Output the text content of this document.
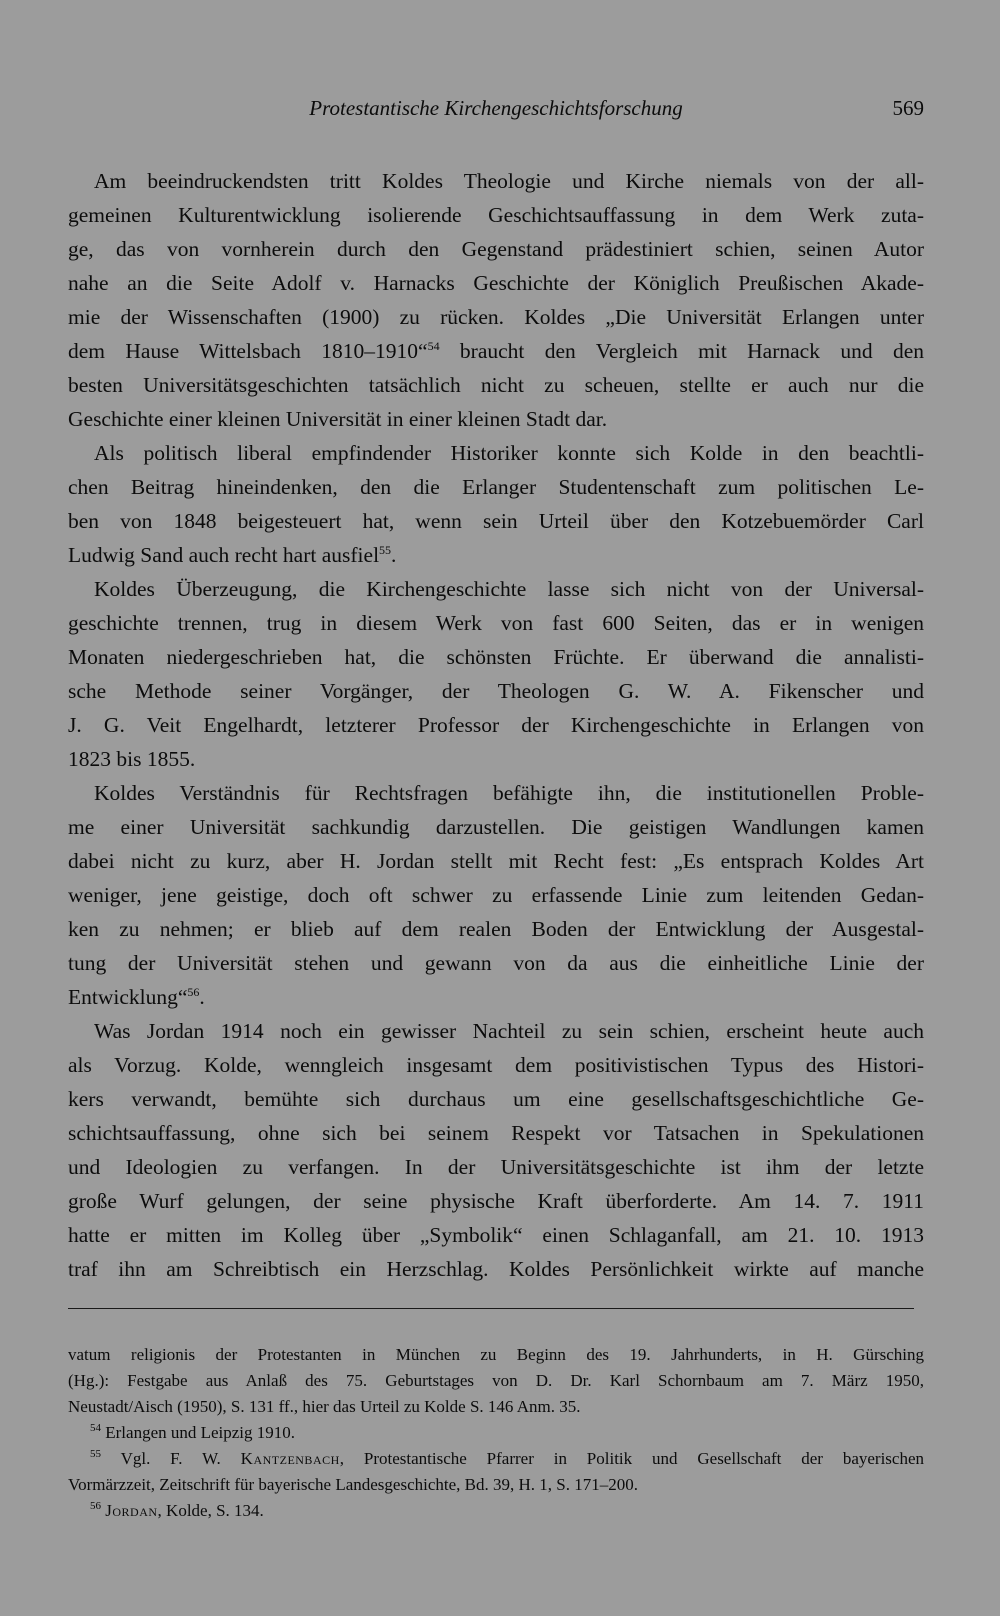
Protestantische Kirchengeschichtsforschung	569
Am beeindruckendsten tritt Koldes Theologie und Kirche niemals von der all-
gemeinen Kulturentwicklung isolierende Geschichtsauffassung in dem Werk zuta-
ge, das von vornherein durch den Gegenstand prädestiniert schien, seinen Autor
nahe an die Seite Adolf v. Harnacks Geschichte der Königlich Preußischen Akade-
mie der Wissenschaften (1900) zu rücken. Koldes „Die Universität Erlangen unter
dem Hause Wittelsbach 1810–1910“$^{54}$ braucht den Vergleich mit Harnack und den
besten Universitätsgeschichten tatsächlich nicht zu scheuen, stellte er auch nur die
Geschichte einer kleinen Universität in einer kleinen Stadt dar.
Als politisch liberal empfindender Historiker konnte sich Kolde in den beachtli-
chen Beitrag hineindenken, den die Erlanger Studentenschaft zum politischen Le-
ben von 1848 beigesteuert hat, wenn sein Urteil über den Kotzebuemörder Carl
Ludwig Sand auch recht hart ausfiel$^{55}$.
Koldes Überzeugung, die Kirchengeschichte lasse sich nicht von der Universal-
geschichte trennen, trug in diesem Werk von fast 600 Seiten, das er in wenigen
Monaten niedergeschrieben hat, die schönsten Früchte. Er überwand die annalisti-
sche Methode seiner Vorgänger, der Theologen G. W. A. Fikenscher und
J. G. Veit Engelhardt, letzterer Professor der Kirchengeschichte in Erlangen von
1823 bis 1855.
Koldes Verständnis für Rechtsfragen befähigte ihn, die institutionellen Proble-
me einer Universität sachkundig darzustellen. Die geistigen Wandlungen kamen
dabei nicht zu kurz, aber H. Jordan stellt mit Recht fest: „Es entsprach Koldes Art
weniger, jene geistige, doch oft schwer zu erfassende Linie zum leitenden Gedan-
ken zu nehmen; er blieb auf dem realen Boden der Entwicklung der Ausgestal-
tung der Universität stehen und gewann von da aus die einheitliche Linie der
Entwicklung“$^{56}$.
Was Jordan 1914 noch ein gewisser Nachteil zu sein schien, erscheint heute auch
als Vorzug. Kolde, wenngleich insgesamt dem positivistischen Typus des Histori-
kers verwandt, bemühte sich durchaus um eine gesellschaftsgeschichtliche Ge-
schichtsauffassung, ohne sich bei seinem Respekt vor Tatsachen in Spekulationen
und Ideologien zu verfangen. In der Universitätsgeschichte ist ihm der letzte
große Wurf gelungen, der seine physische Kraft überforderte. Am 14. 7. 1911
hatte er mitten im Kolleg über „Symbolik“ einen Schlaganfall, am 21. 10. 1913
traf ihn am Schreibtisch ein Herzschlag. Koldes Persönlichkeit wirkte auf manche
vatum religionis der Protestanten in München zu Beginn des 19. Jahrhunderts, in H. Gürsching
(Hg.): Festgabe aus Anlaß des 75. Geburtstages von D. Dr. Karl Schornbaum am 7. März 1950,
Neustadt/Aisch (1950), S. 131 ff., hier das Urteil zu Kolde S. 146 Anm. 35.
$^{54}$ Erlangen und Leipzig 1910.
$^{55}$ Vgl. F. W. Kantzenbach, Protestantische Pfarrer in Politik und Gesellschaft der bayerischen
Vormärzzeit, Zeitschrift für bayerische Landesgeschichte, Bd. 39, H. 1, S. 171–200.
$^{56}$ Jordan, Kolde, S. 134.
